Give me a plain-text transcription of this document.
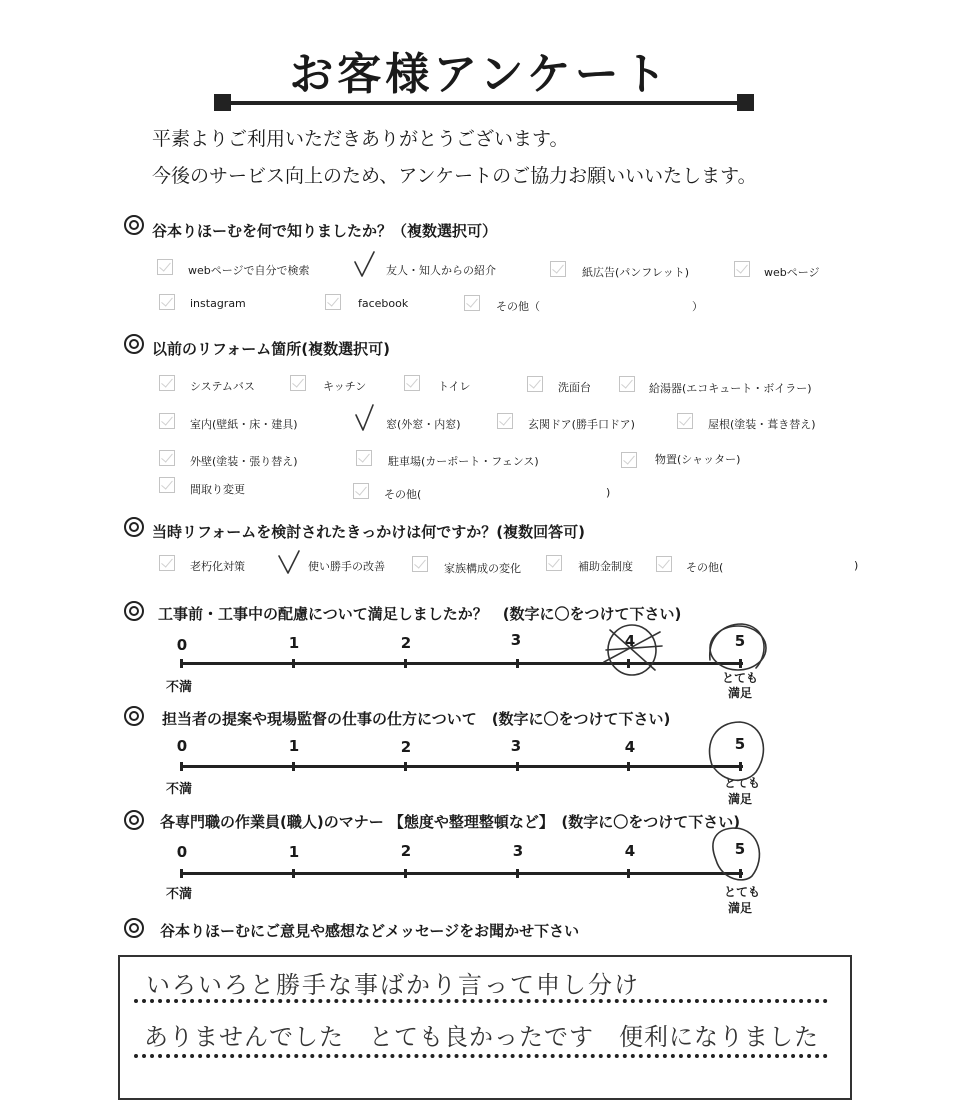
お客様アンケート
平素よりご利用いただきありがとうございます。
今後のサービス向上のため、アンケートのご協力お願いいいたします。
谷本りほーむを何で知りましたか？（複数選択可）
webページで自分で検索	友人・知人からの紹介	紙広告(パンフレット)	webページ
instagram	facebook	その他（	）
以前のリフォーム箇所(複数選択可)
システムバス	キッチン	トイレ	洗面台	給湯器(エコキュート・ボイラー)
室内(壁紙・床・建具)	窓(外窓・内窓)	玄関ドア(勝手口ドア)	屋根(塗装・葺き替え)
外壁(塗装・張り替え)	駐車場(カーポート・フェンス)	物置(シャッター)
間取り変更	その他(	)
当時リフォームを検討されたきっかけは何ですか？(複数回答可)
老朽化対策	使い勝手の改善	家族構成の変化	補助金制度	その他(	)
工事前・工事中の配慮について満足しましたか？　(数字に〇をつけて下さい)
0	1	2	3	4	5
不満
とても
満足
担当者の提案や現場監督の仕事の仕方について　(数字に〇をつけて下さい)
0	1	2	3	4	5
不満	とても
満足
各専門職の作業員(職人)のマナー 【態度や整理整頓など】　(数字に〇をつけて下さい)
0	1	2	3	4	5
不満	とても
満足
谷本りほーむにご意見や感想などメッセージをお聞かせ下さい
いろいろと勝手な事ばかり言って申し分け
ありませんでした　とても良かったです　便利になりました
